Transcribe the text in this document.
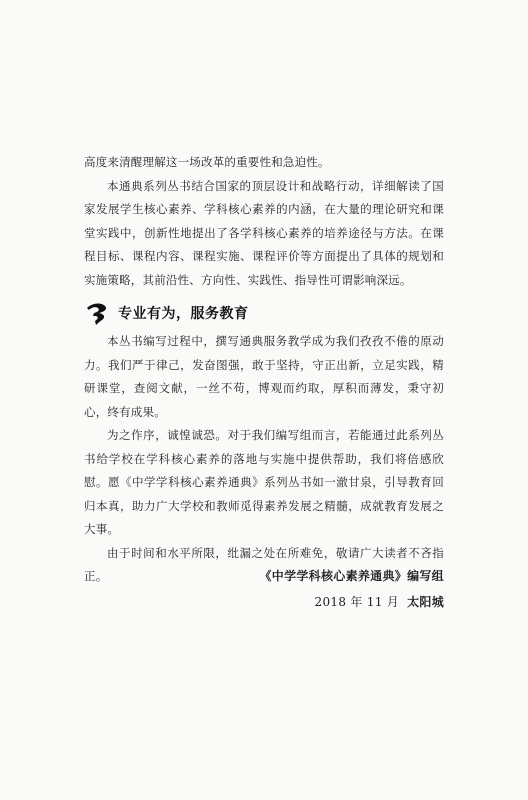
高度来清醒理解这一场改革的重要性和急迫性。

本通典系列丛书结合国家的顶层设计和战略行动，详细解读了国家发展学生核心素养、学科核心素养的内涵，在大量的理论研究和课堂实践中，创新性地提出了各学科核心素养的培养途径与方法。在课程目标、课程内容、课程实施、课程评价等方面提出了具体的规划和实施策略，其前沿性、方向性、实践性、指导性可谓影响深远。

专业有为，服务教育

本丛书编写过程中，撰写通典服务教学成为我们孜孜不倦的原动力。我们严于律己，发奋图强，敢于坚持，守正出新，立足实践，精研课堂，查阅文献，一丝不苟，博观而约取，厚积而薄发，秉守初心，终有成果。

为之作序，诚惶诚恐。对于我们编写组而言，若能通过此系列丛书给学校在学科核心素养的落地与实施中提供帮助，我们将倍感欣慰。愿《中学学科核心素养通典》系列丛书如一澈甘泉，引导教育回归本真，助力广大学校和教师觅得素养发展之精髓，成就教育发展之大事。

由于时间和水平所限，纰漏之处在所难免，敬请广大读者不吝指正。	《中学学科核心素养通典》编写组
2018 年 11 月 太阳城
